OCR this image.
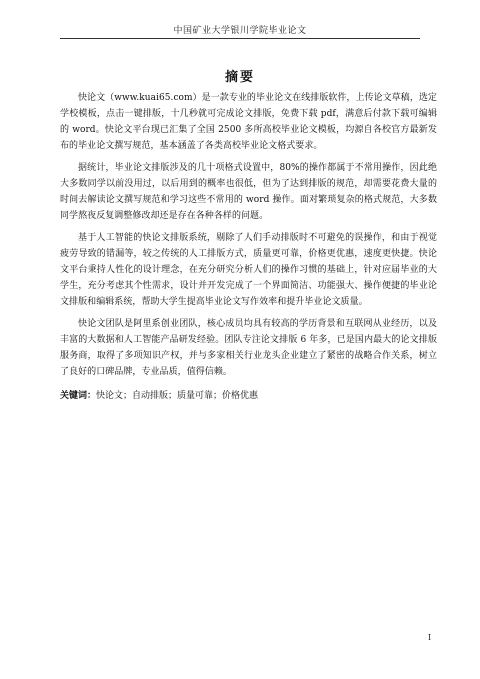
中国矿业大学银川学院毕业论文
摘要

快论文（www.kuai65.com）是一款专业的毕业论文在线排版软件，上传论文草稿，选定学校模板，点击一键排版，十几秒就可完成论文排版，免费下载 pdf，满意后付款下载可编辑的 word。快论文平台现已汇集了全国 2500 多所高校毕业论文模板，均源自各校官方最新发布的毕业论文撰写规范，基本涵盖了各类高校毕业论文格式要求。

据统计，毕业论文排版涉及的几十项格式设置中，80%的操作都属于不常用操作，因此绝大多数同学以前没用过，以后用到的概率也很低，但为了达到排版的规范，却需要花费大量的时间去解读论文撰写规范和学习这些不常用的 word 操作。面对繁琐复杂的格式规范，大多数同学熬夜反复调整修改却还是存在各种各样的问题。

基于人工智能的快论文排版系统，剔除了人们手动排版时不可避免的误操作，和由于视觉疲劳导致的错漏等，较之传统的人工排版方式，质量更可靠，价格更优惠，速度更快捷。快论文平台秉持人性化的设计理念，在充分研究分析人们的操作习惯的基础上，针对应届毕业的大学生，充分考虑其个性需求，设计并开发完成了一个界面简洁、功能强大、操作便捷的毕业论文排版和编辑系统，帮助大学生提高毕业论文写作效率和提升毕业论文质量。

快论文团队是阿里系创业团队，核心成员均具有较高的学历背景和互联网从业经历，以及丰富的大数据和人工智能产品研发经验。团队专注论文排版 6 年多，已是国内最大的论文排版服务商，取得了多项知识产权，并与多家相关行业龙头企业建立了紧密的战略合作关系，树立了良好的口碑品牌，专业品质，值得信赖。

关键词：快论文；自动排版；质量可靠；价格优惠
I
